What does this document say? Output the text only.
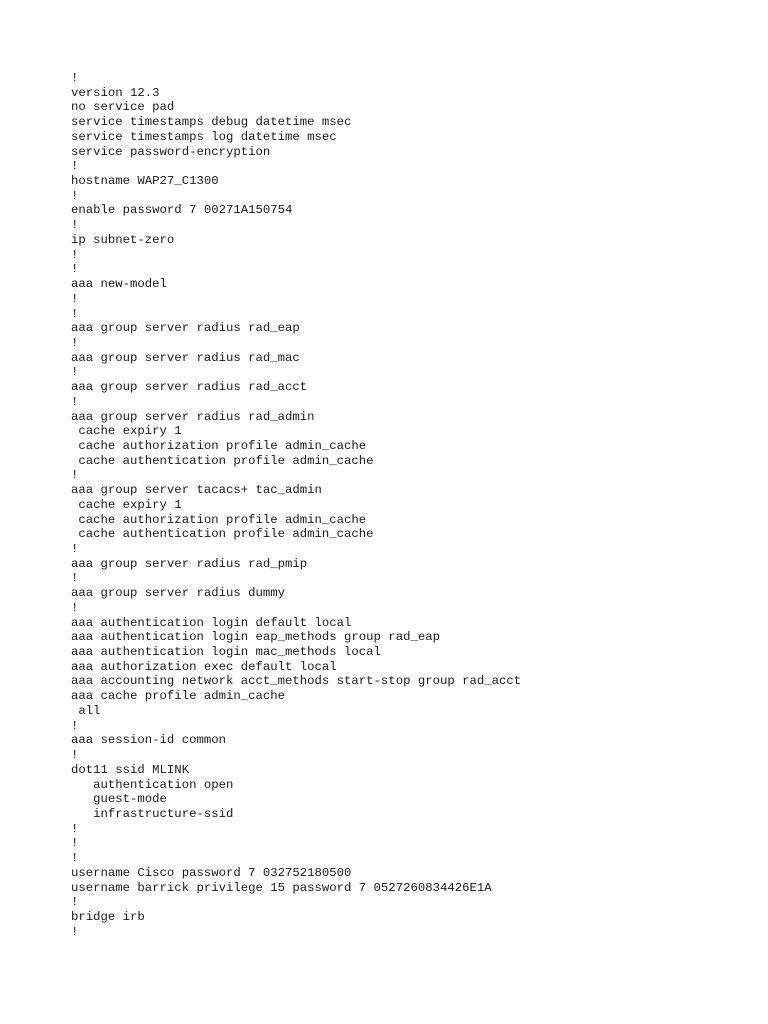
!
version 12.3
no service pad
service timestamps debug datetime msec
service timestamps log datetime msec
service password-encryption
!
hostname WAP27_C1300
!
enable password 7 00271A150754
!
ip subnet-zero
!
!
aaa new-model
!
!
aaa group server radius rad_eap
!
aaa group server radius rad_mac
!
aaa group server radius rad_acct
!
aaa group server radius rad_admin
cache expiry 1
cache authorization profile admin_cache
cache authentication profile admin_cache
!
aaa group server tacacs+ tac_admin
cache expiry 1
cache authorization profile admin_cache
cache authentication profile admin_cache
!
aaa group server radius rad_pmip
!
aaa group server radius dummy
!
aaa authentication login default local
aaa authentication login eap_methods group rad_eap
aaa authentication login mac_methods local
aaa authorization exec default local
aaa accounting network acct_methods start-stop group rad_acct
aaa cache profile admin_cache
all
!
aaa session-id common
!
dot11 ssid MLINK
authentication open
guest-mode
infrastructure-ssid
!
!
!
username Cisco password 7 032752180500
username barrick privilege 15 password 7 0527260834426E1A
!
bridge irb
!
